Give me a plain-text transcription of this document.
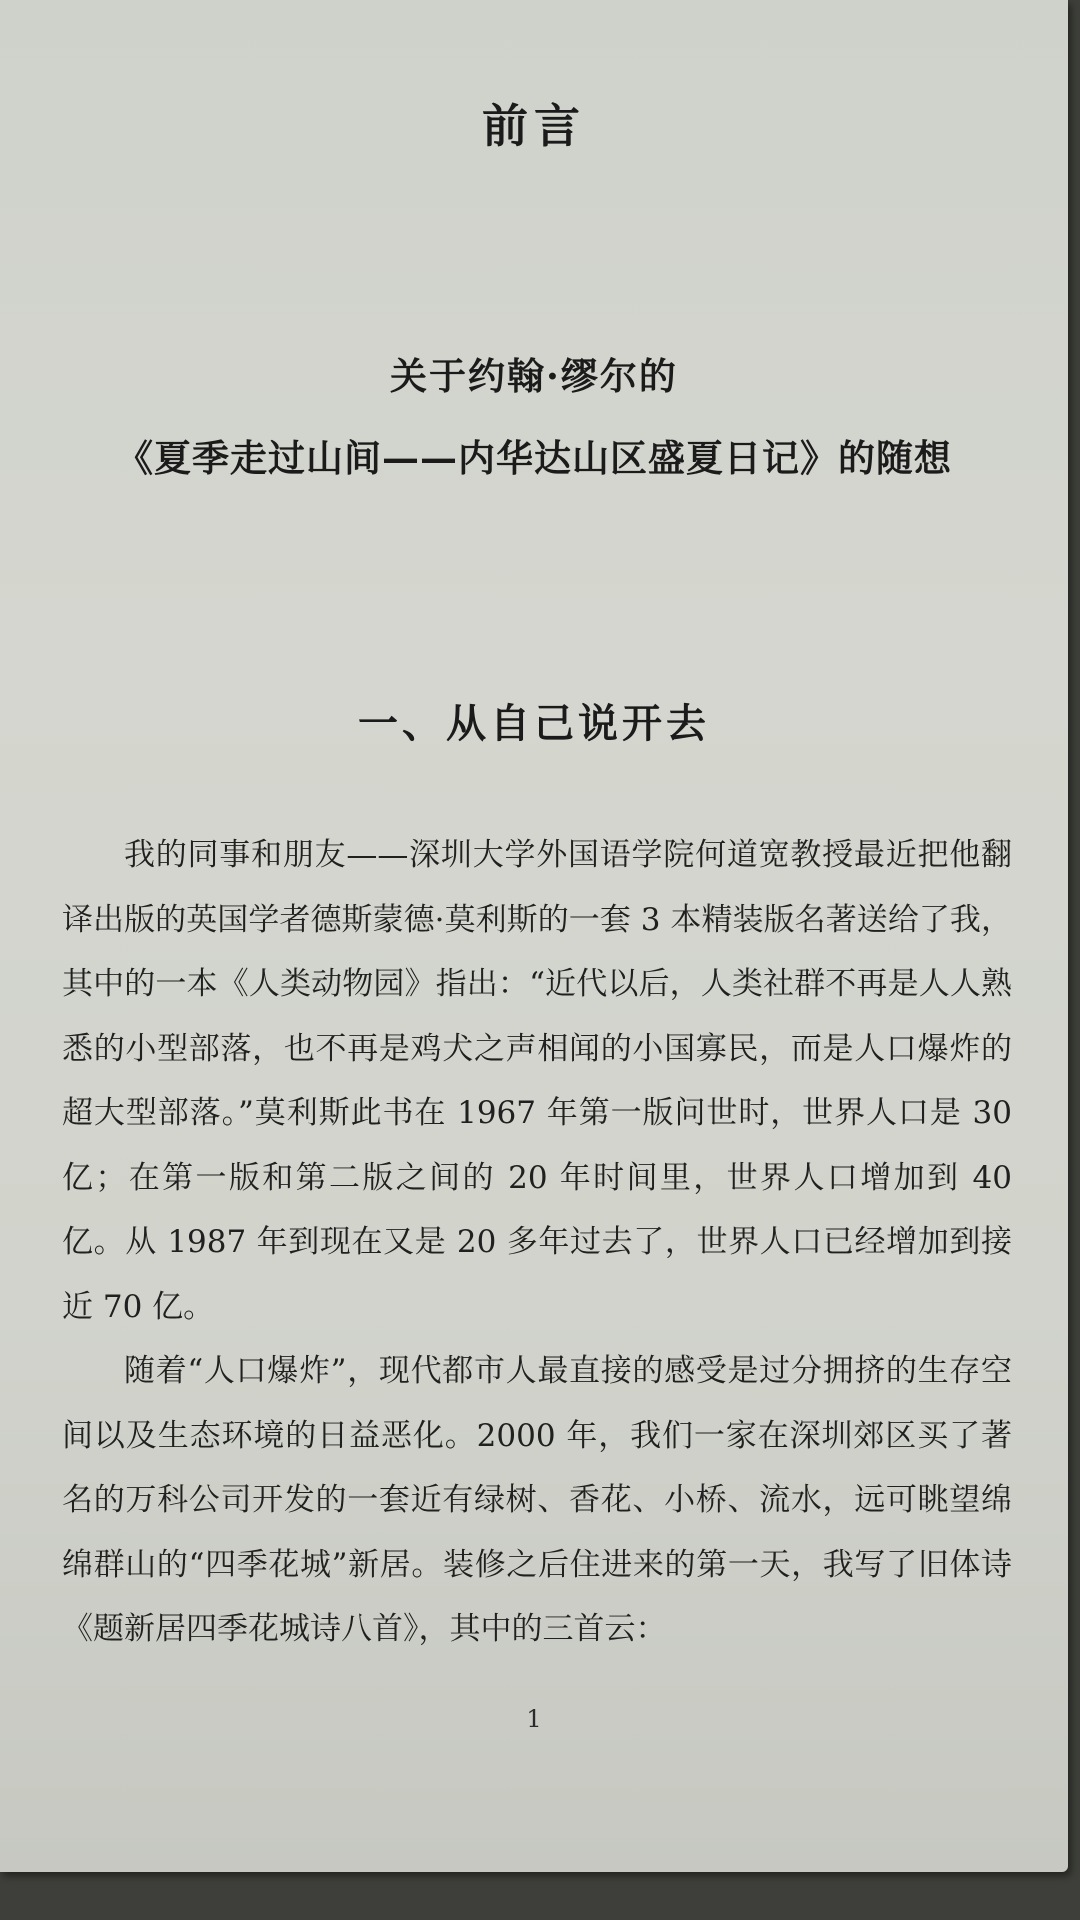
前言
关于约翰·缪尔的
《夏季走过山间——内华达山区盛夏日记》的随想
一、从自己说开去

我的同事和朋友——深圳大学外国语学院何道宽教授最近把他翻译出版的英国学者德斯蒙德·莫利斯的一套 3 本精装版名著送给了我，其中的一本《人类动物园》指出：“近代以后，人类社群不再是人人熟悉的小型部落，也不再是鸡犬之声相闻的小国寡民，而是人口爆炸的超大型部落。”莫利斯此书在 1967 年第一版问世时，世界人口是 30 亿；在第一版和第二版之间的 20 年时间里，世界人口增加到 40 亿。从 1987 年到现在又是 20 多年过去了，世界人口已经增加到接近 70 亿。

随着“人口爆炸”，现代都市人最直接的感受是过分拥挤的生存空间以及生态环境的日益恶化。2000 年，我们一家在深圳郊区买了著名的万科公司开发的一套近有绿树、香花、小桥、流水，远可眺望绵绵群山的“四季花城”新居。装修之后住进来的第一天，我写了旧体诗《题新居四季花城诗八首》，其中的三首云：

1
